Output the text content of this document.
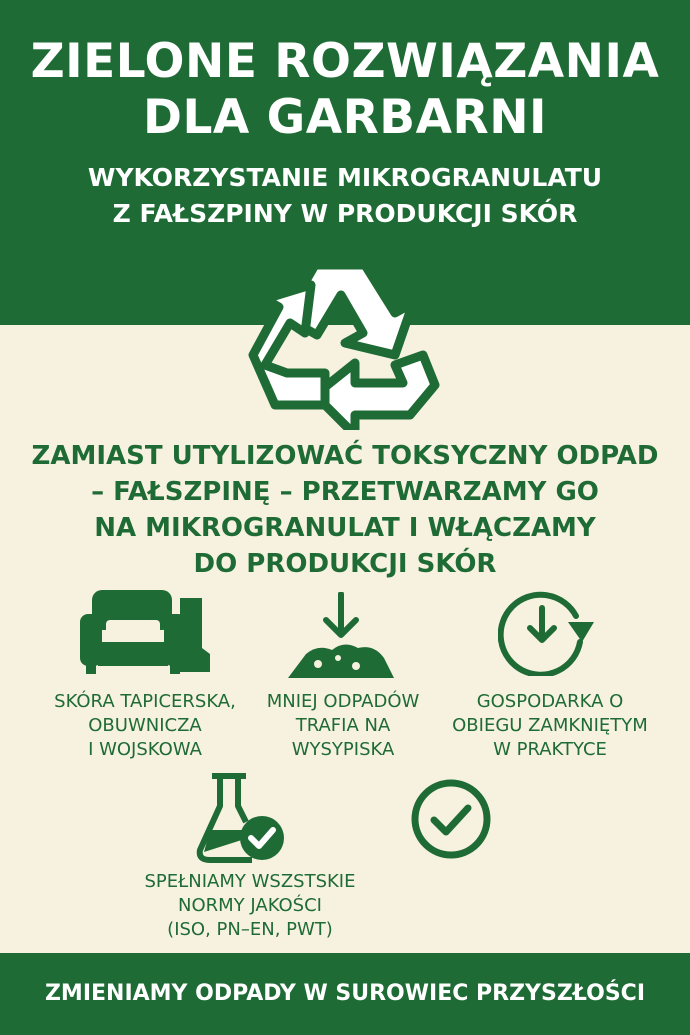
ZIELONE ROZWIĄZANIA
DLA GARBARNI
WYKORZYSTANIE MIKROGRANULATU
Z FAŁSZPINY W PRODUKCJI SKÓR
ZAMIAST UTYLIZOWAĆ TOKSYCZNY ODPAD
– FAŁSZPINĘ – PRZETWARZAMY GO
NA MIKROGRANULAT I WŁĄCZAMY
DO PRODUKCJI SKÓR
SKÓRA TAPICERSKA,
OBUWNICZA
I WOJSKOWA
MNIEJ ODPADÓW
TRAFIA NA
WYSYPISKA
GOSPODARKA O
OBIEGU ZAMKNIĘTYM
W PRAKTYCE
SPEŁNIAMY WSZSTSKIE
NORMY JAKOŚCI
(ISO, PN–EN, PWT)
ZMIENIAMY ODPADY W SUROWIEC PRZYSZŁOŚCI
